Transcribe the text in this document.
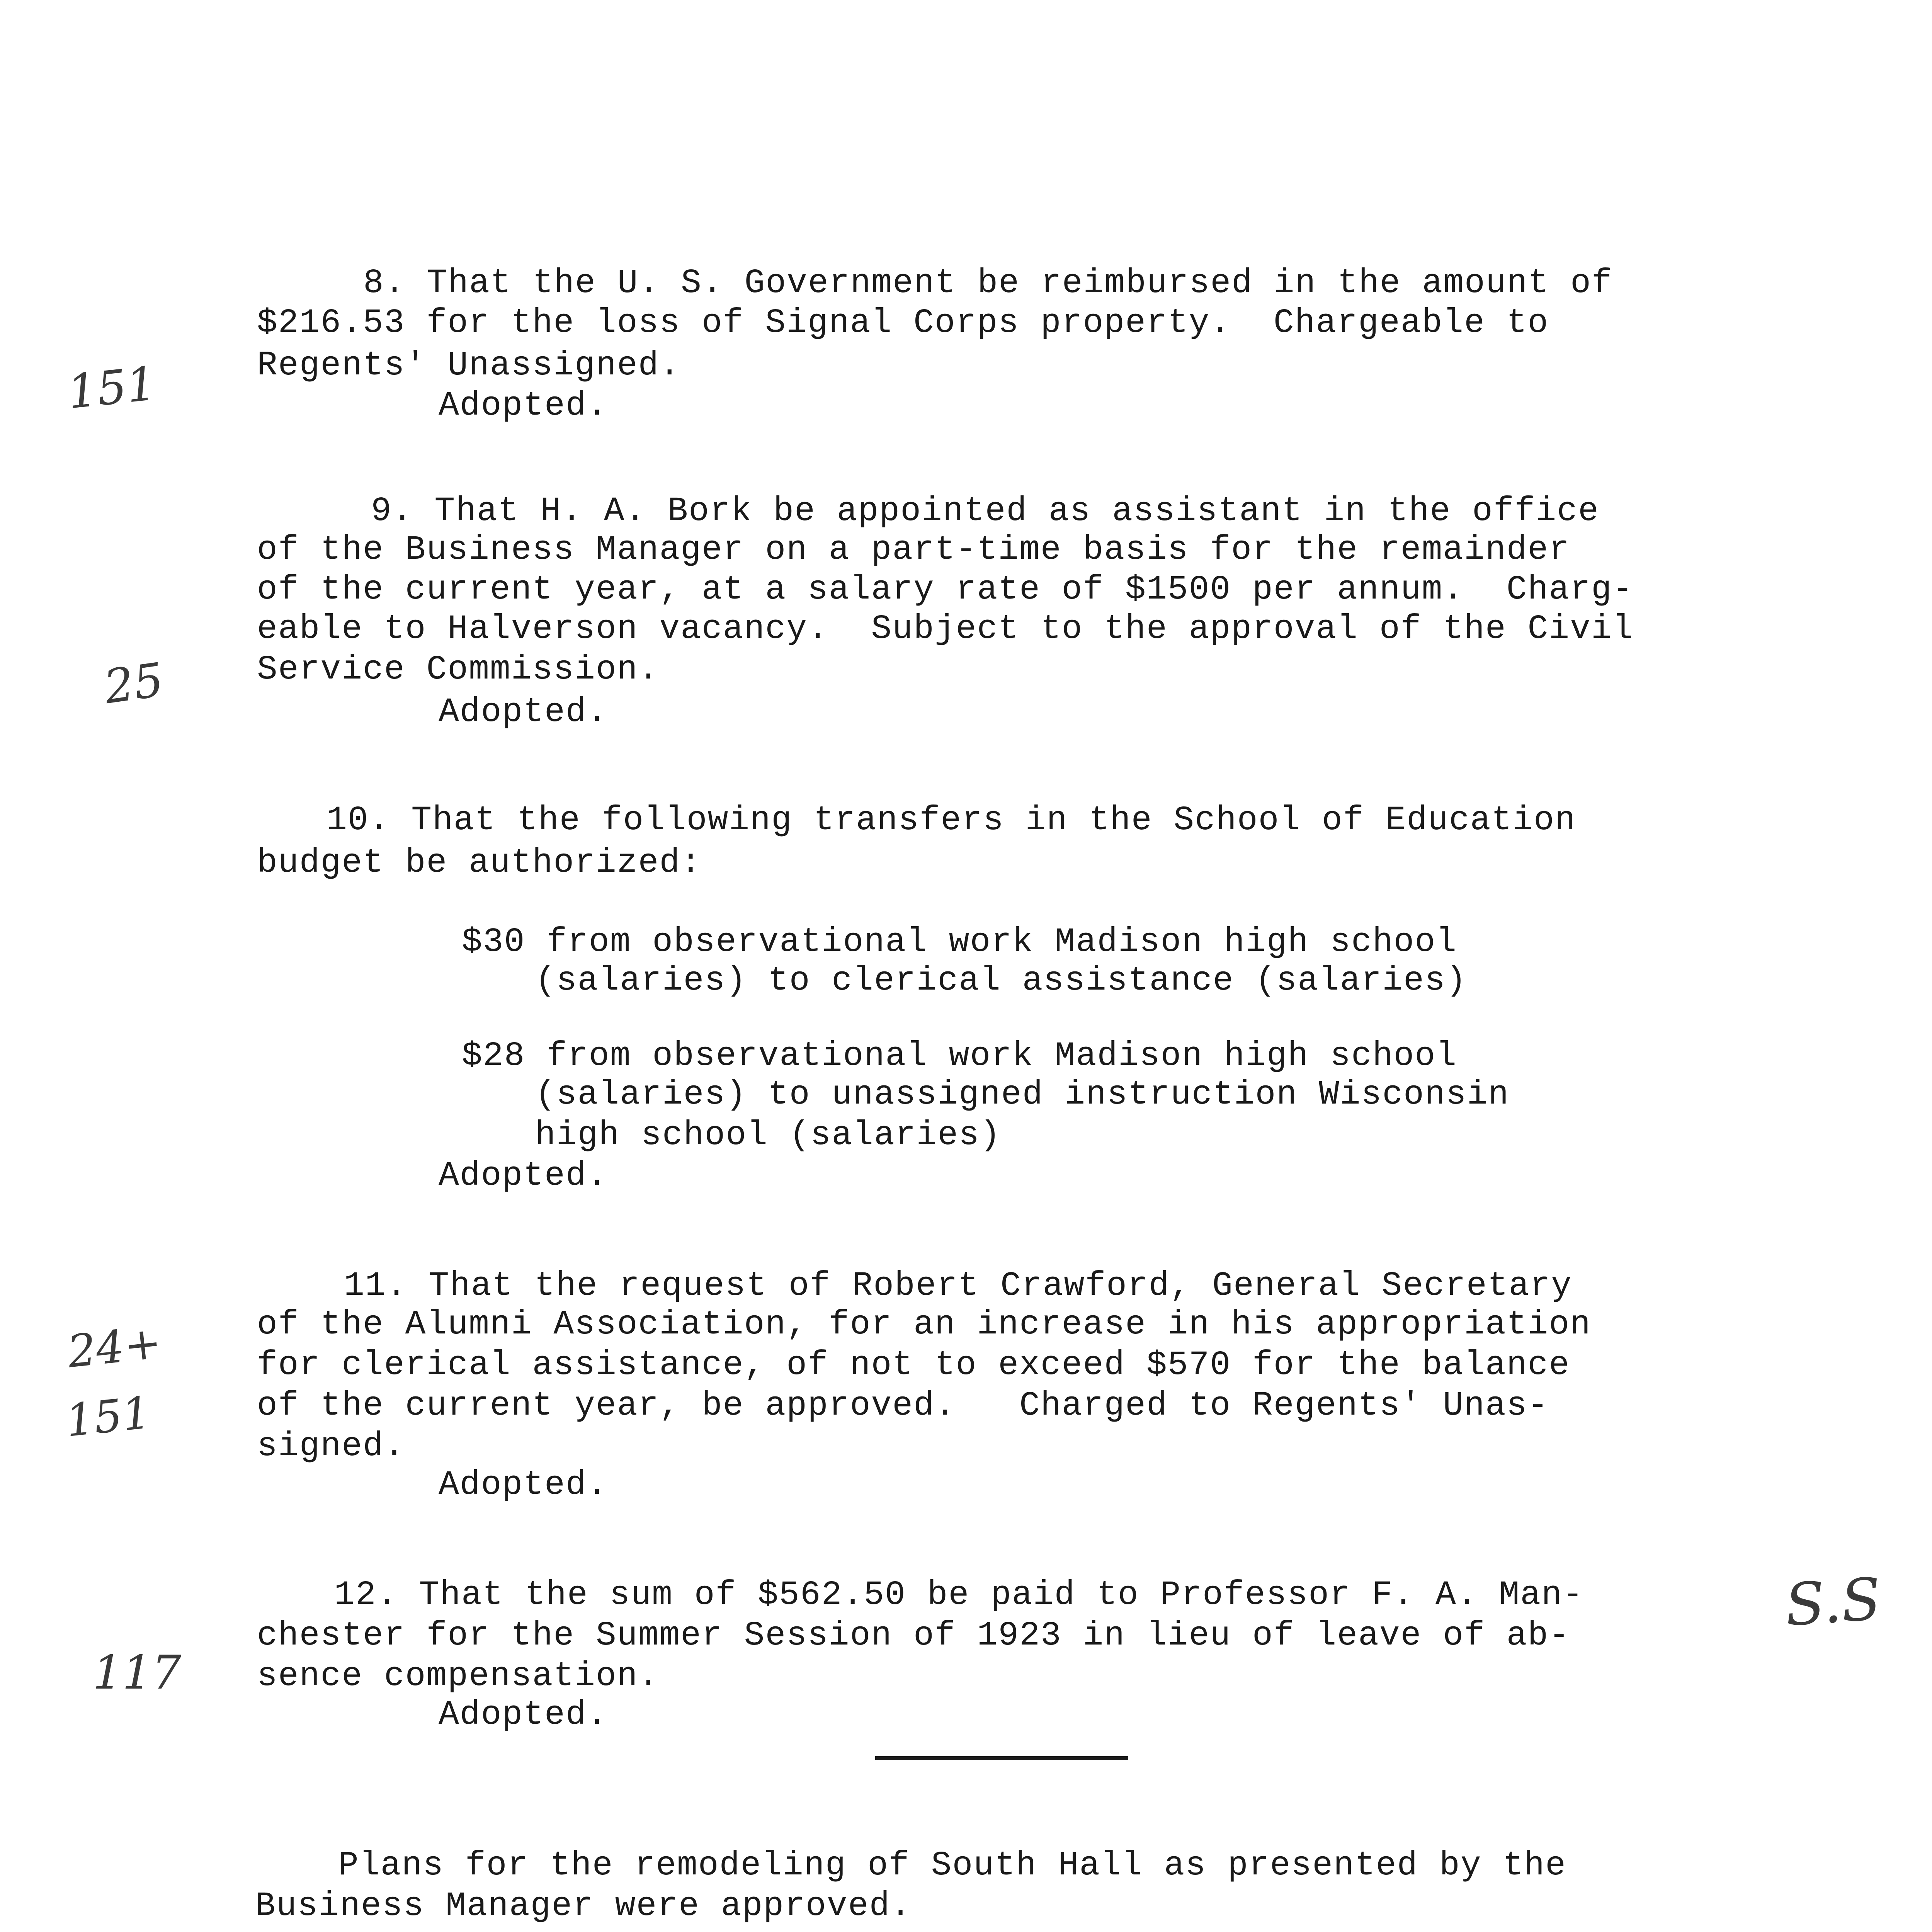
8. That the U. S. Government be reimbursed in the amount of
$216.53 for the loss of Signal Corps property.  Chargeable to
Regents' Unassigned.
Adopted.
151
9. That H. A. Bork be appointed as assistant in the office
of the Business Manager on a part-time basis for the remainder
of the current year, at a salary rate of $1500 per annum.  Charg-
eable to Halverson vacancy.  Subject to the approval of the Civil
Service Commission.
Adopted.
25
10. That the following transfers in the School of Education
budget be authorized:
$30 from observational work Madison high school
(salaries) to clerical assistance (salaries)
$28 from observational work Madison high school
(salaries) to unassigned instruction Wisconsin
high school (salaries)
Adopted.
11. That the request of Robert Crawford, General Secretary
of the Alumni Association, for an increase in his appropriation
for clerical assistance, of not to exceed $570 for the balance
of the current year, be approved.   Charged to Regents' Unas-
signed.
Adopted.
24+
151
12. That the sum of $562.50 be paid to Professor F. A. Man-
chester for the Summer Session of 1923 in lieu of leave of ab-
sence compensation.
Adopted.
117
S.S
Plans for the remodeling of South Hall as presented by the
Business Manager were approved.
